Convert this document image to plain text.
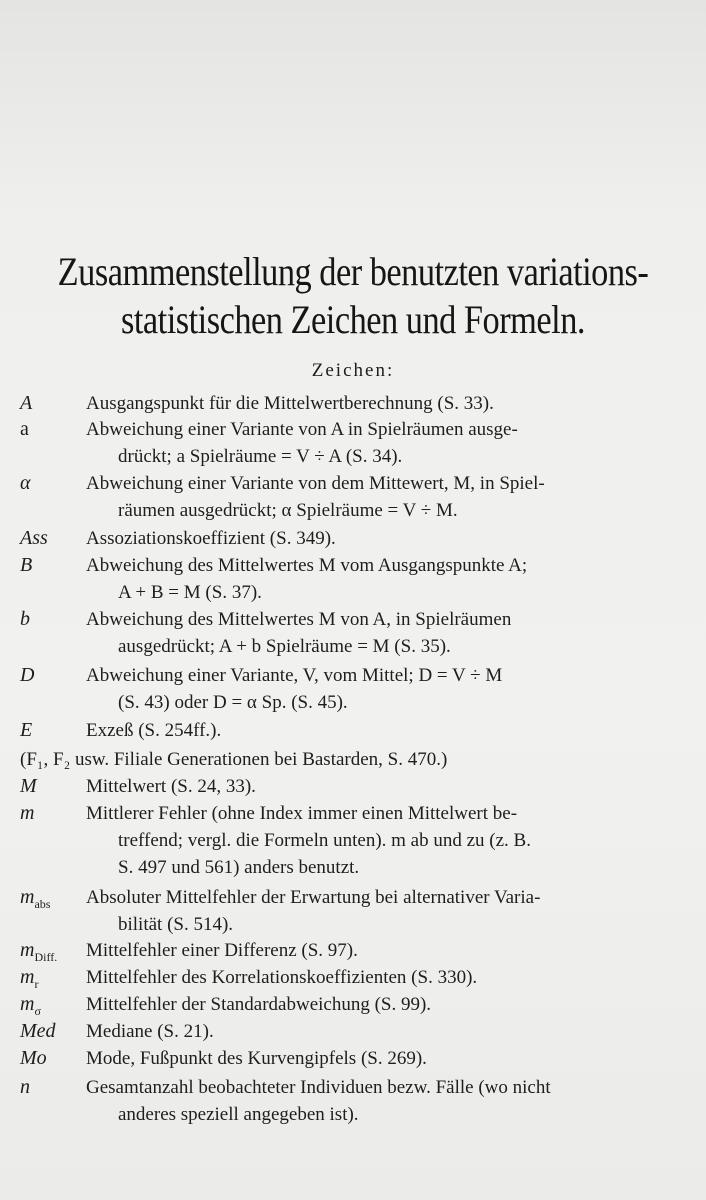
Zusammenstellung der benutzten variations-
statistischen Zeichen und Formeln.
Zeichen:
A	Ausgangspunkt für die Mittelwertberechnung (S. 33).
a	Abweichung einer Variante von A in Spielräumen ausge-
drückt; a Spielräume = V ÷ A (S. 34).
α	Abweichung einer Variante von dem Mittewert, M, in Spiel-
räumen ausgedrückt; α Spielräume = V ÷ M.
Ass Assoziationskoeffizient (S. 349).
B	Abweichung des Mittelwertes M vom Ausgangspunkte A;
A + B = M (S. 37).
b	Abweichung des Mittelwertes M von A, in Spielräumen
ausgedrückt; A + b Spielräume = M (S. 35).
D	Abweichung einer Variante, V, vom Mittel; D = V ÷ M
(S. 43) oder D = α Sp. (S. 45).
E	Exzeß (S. 254ff.).
(F₁, F₂ usw. Filiale Generationen bei Bastarden, S. 470.)
M	Mittelwert (S. 24, 33).
m	Mittlerer Fehler (ohne Index immer einen Mittelwert be-
treffend; vergl. die Formeln unten). m ab und zu (z. B.
S. 497 und 561) anders benutzt.
$m_{abs}$ Absoluter Mittelfehler der Erwartung bei alternativer Varia-
bilität (S. 514).
$m_{Diff.}$ Mittelfehler einer Differenz (S. 97).
$m_r$	Mittelfehler des Korrelationskoeffizienten (S. 330).
$m_\sigma$ Mittelfehler der Standardabweichung (S. 99).
Med Mediane (S. 21).
Mo Mode, Fußpunkt des Kurvengipfels (S. 269).
n	Gesamtanzahl beobachteter Individuen bezw. Fälle (wo nicht
anderes speziell angegeben ist).
